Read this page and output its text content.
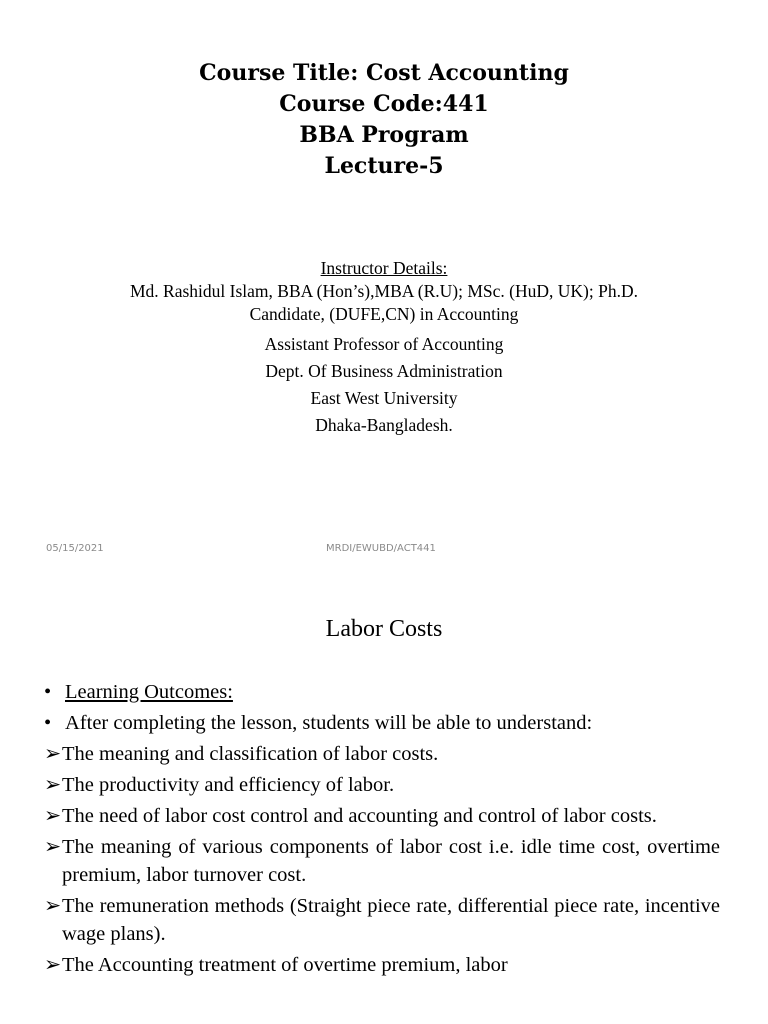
Course Title: Cost Accounting
Course Code:441
BBA Program
Lecture-5
Instructor Details:
Md. Rashidul Islam, BBA (Hon’s),MBA (R.U); MSc. (HuD, UK); Ph.D. Candidate, (DUFE,CN) in Accounting
Assistant Professor of Accounting
Dept. Of Business Administration
East West University
Dhaka-Bangladesh.
05/15/2021	MRDI/EWUBD/ACT441
Labor Costs
• Learning Outcomes:
• After completing the lesson, students will be able to understand:
➢ The meaning and classification of labor costs.
➢ The productivity and efficiency of labor.
➢ The need of labor cost control and accounting and control of labor costs.
➢ The meaning of various components of labor cost i.e. idle time cost, overtime premium, labor turnover cost.
➢ The remuneration methods (Straight piece rate, differential piece rate, incentive wage plans).
➢ The Accounting treatment of overtime premium, labor
